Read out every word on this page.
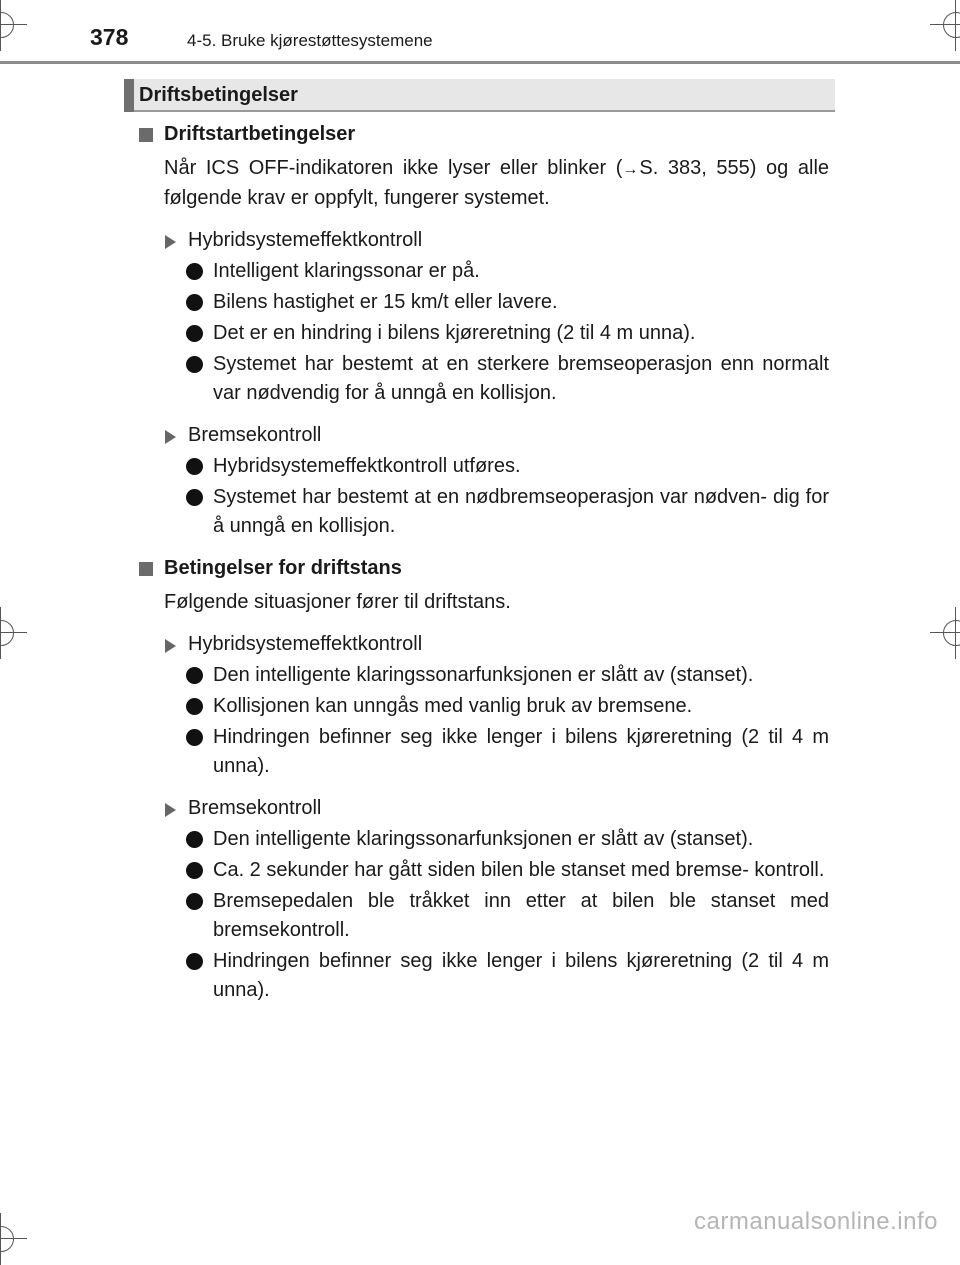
378	4-5. Bruke kjørestøttesystemene
Driftsbetingelser
Driftstartbetingelser
Når ICS OFF-indikatoren ikke lyser eller blinker (→S. 383, 555) og alle følgende krav er oppfylt, fungerer systemet.
Hybridsystemeffektkontroll
Intelligent klaringssonar er på.
Bilens hastighet er 15 km/t eller lavere.
Det er en hindring i bilens kjøreretning (2 til 4 m unna).
Systemet har bestemt at en sterkere bremseoperasjon enn normalt var nødvendig for å unngå en kollisjon.
Bremsekontroll
Hybridsystemeffektkontroll utføres.
Systemet har bestemt at en nødbremseoperasjon var nødven- dig for å unngå en kollisjon.
Betingelser for driftstans
Følgende situasjoner fører til driftstans.
Hybridsystemeffektkontroll
Den intelligente klaringssonarfunksjonen er slått av (stanset).
Kollisjonen kan unngås med vanlig bruk av bremsene.
Hindringen befinner seg ikke lenger i bilens kjøreretning (2 til 4 m unna).
Bremsekontroll
Den intelligente klaringssonarfunksjonen er slått av (stanset).
Ca. 2 sekunder har gått siden bilen ble stanset med bremse- kontroll.
Bremsepedalen ble tråkket inn etter at bilen ble stanset med bremsekontroll.
Hindringen befinner seg ikke lenger i bilens kjøreretning (2 til 4 m unna).
carmanualsonline.info
